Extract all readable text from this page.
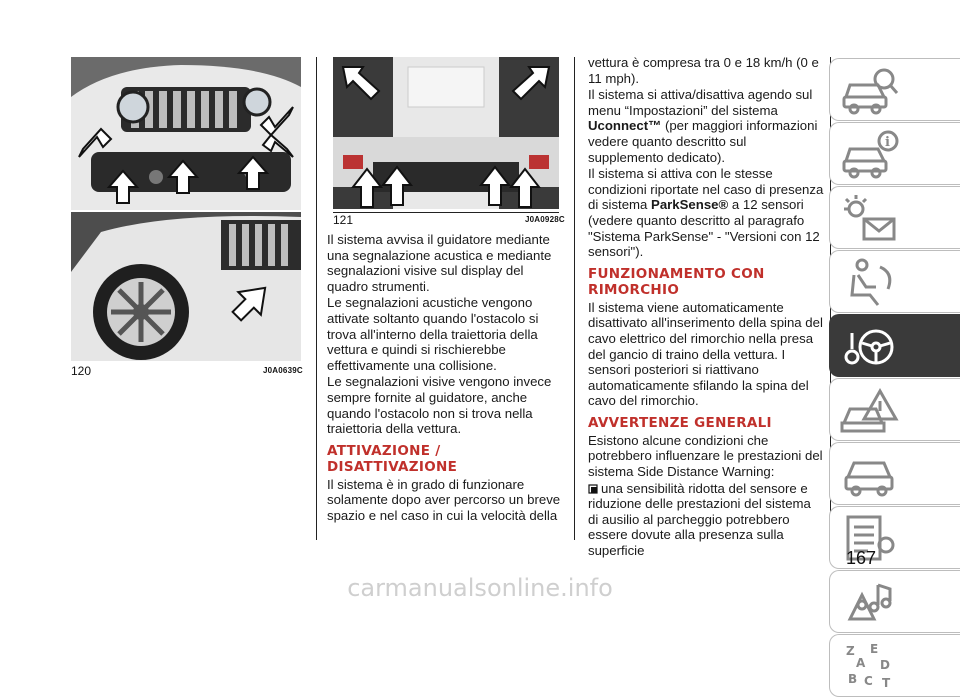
120	J0A0639C
121	J0A0928C

Il sistema avvisa il guidatore mediante una segnalazione acustica e mediante segnalazioni visive sul display del quadro strumenti.

Le segnalazioni acustiche vengono attivate soltanto quando l'ostacolo si trova all'interno della traiettoria della vettura e quindi si rischierebbe effettivamente una collisione.

Le segnalazioni visive vengono invece sempre fornite al guidatore, anche quando l'ostacolo non si trova nella traiettoria della vettura.

ATTIVAZIONE / DISATTIVAZIONE

Il sistema è in grado di funzionare solamente dopo aver percorso un breve spazio e nel caso in cui la velocità della

vettura è compresa tra 0 e 18 km/h (0 e 11 mph).

Il sistema si attiva/disattiva agendo sul menu “Impostazioni” del sistema Uconnect™ (per maggiori informazioni vedere quanto descritto sul supplemento dedicato).

Il sistema si attiva con le stesse condizioni riportate nel caso di presenza di sistema ParkSense® a 12 sensori (vedere quanto descritto al paragrafo "Sistema ParkSense" - "Versioni con 12 sensori").

FUNZIONAMENTO CON RIMORCHIO

Il sistema viene automaticamente disattivato all'inserimento della spina del cavo elettrico del rimorchio nella presa del gancio di traino della vettura. I sensori posteriori si riattivano automaticamente sfilando la spina del cavo del rimorchio.

AVVERTENZE GENERALI

Esistono alcune condizioni che potrebbero influenzare le prestazioni del sistema Side Distance Warning:

una sensibilità ridotta del sensore e riduzione delle prestazioni del sistema di ausilio al parcheggio potrebbero essere dovute alla presenza sulla superficie

i
Z E
A D
B C T
167
carmanualsonline.info
